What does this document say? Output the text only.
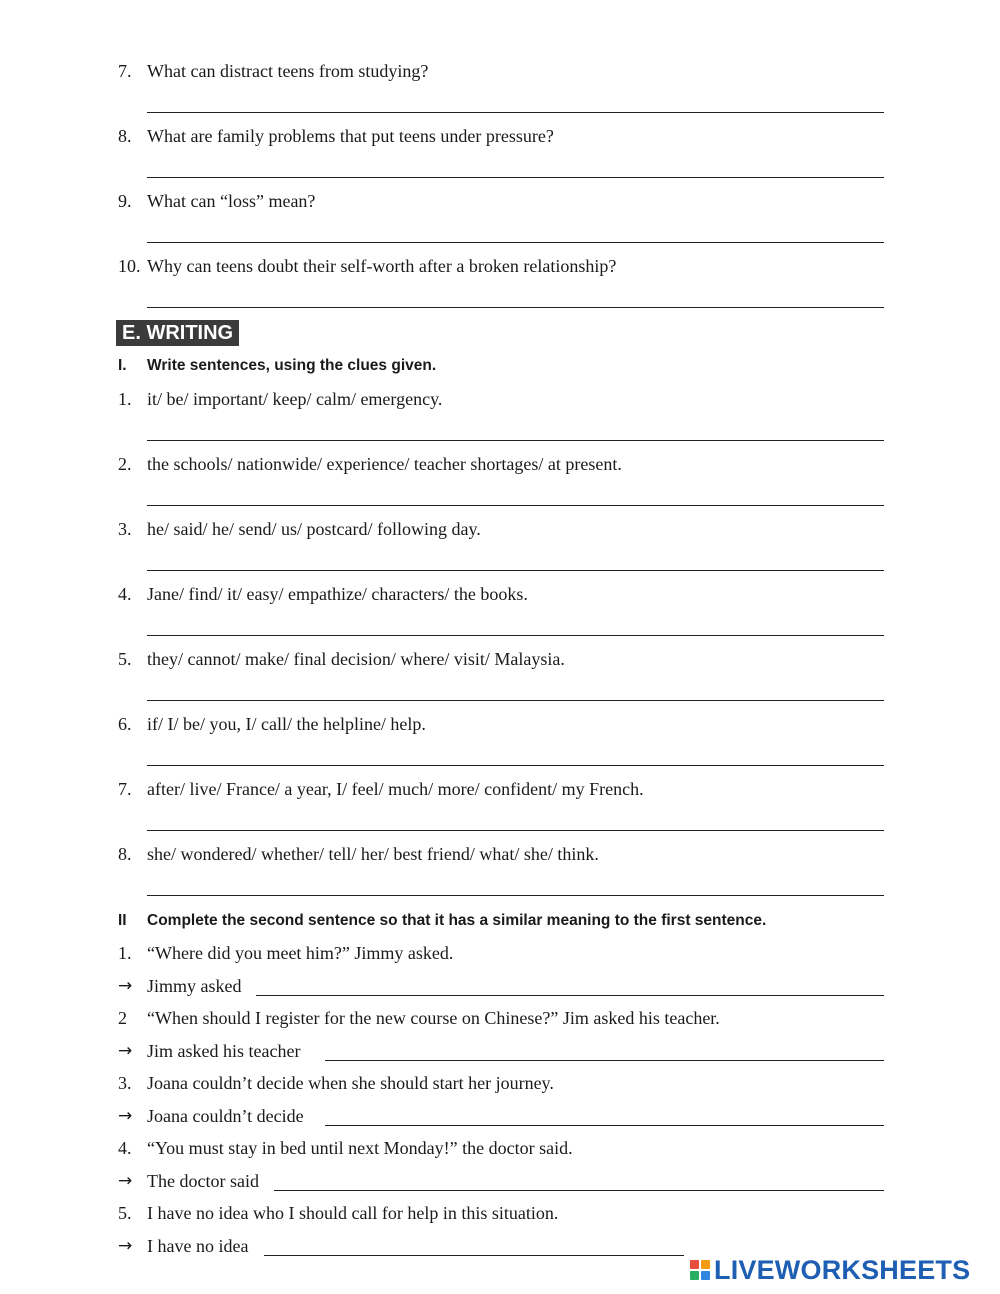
7. What can distract teens from studying?
8. What are family problems that put teens under pressure?
9. What can “loss” mean?
10. Why can teens doubt their self-worth after a broken relationship?
E. WRITING
I. Write sentences, using the clues given.
1. it/ be/ important/ keep/ calm/ emergency.
2. the schools/ nationwide/ experience/ teacher shortages/ at present.
3. he/ said/ he/ send/ us/ postcard/ following day.
4. Jane/ find/ it/ easy/ empathize/ characters/ the books.
5. they/ cannot/ make/ final decision/ where/ visit/ Malaysia.
6. if/ I/ be/ you, I/ call/ the helpline/ help.
7. after/ live/ France/ a year, I/ feel/ much/ more/ confident/ my French.
8. she/ wondered/ whether/ tell/ her/ best friend/ what/ she/ think.
II Complete the second sentence so that it has a similar meaning to the first sentence.
1. “Where did you meet him?” Jimmy asked.
→ Jimmy asked
2 “When should I register for the new course on Chinese?” Jim asked his teacher.
→ Jim asked his teacher
3. Joana couldn’t decide when she should start her journey.
→ Joana couldn’t decide
4. “You must stay in bed until next Monday!” the doctor said.
→ The doctor said
5. I have no idea who I should call for help in this situation.
→ I have no idea
LIVEWORKSHEETS
